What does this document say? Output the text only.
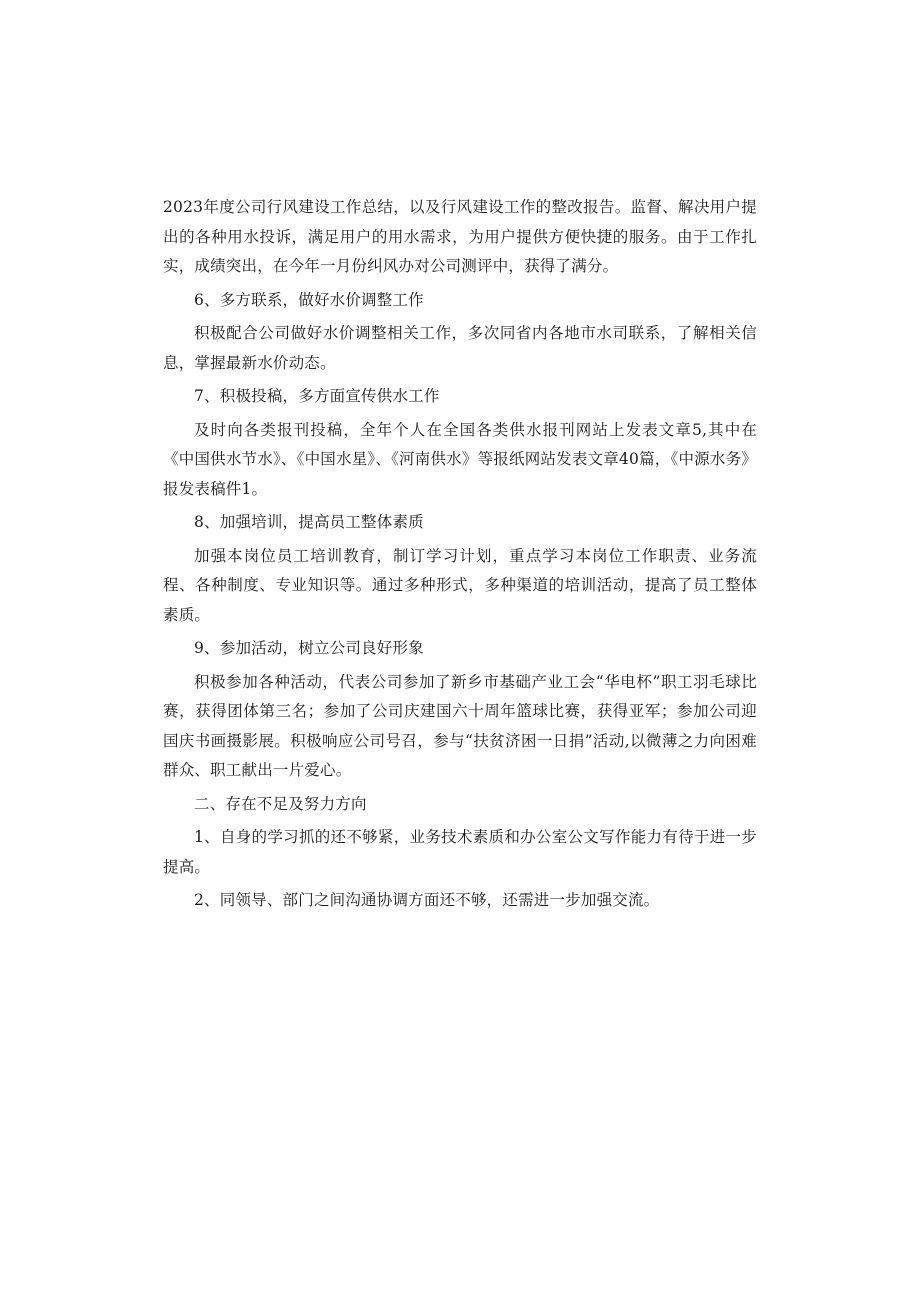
2023年度公司行风建设工作总结，以及行风建设工作的整改报告。监督、解决用户提出的各种用水投诉，满足用户的用水需求，为用户提供方便快捷的服务。由于工作扎实，成绩突出，在今年一月份纠风办对公司测评中，获得了满分。

6、多方联系，做好水价调整工作

积极配合公司做好水价调整相关工作，多次同省内各地市水司联系，了解相关信息，掌握最新水价动态。

7、积极投稿，多方面宣传供水工作

及时向各类报刊投稿，全年个人在全国各类供水报刊网站上发表文章5,其中在《中国供水节水》、《中国水星》、《河南供水》等报纸网站发表文章40篇，《中源水务》报发表稿件1。

8、加强培训，提高员工整体素质

加强本岗位员工培训教育，制订学习计划，重点学习本岗位工作职责、业务流程、各种制度、专业知识等。通过多种形式，多种渠道的培训活动，提高了员工整体素质。

9、参加活动，树立公司良好形象

积极参加各种活动，代表公司参加了新乡市基础产业工会“华电杯”职工羽毛球比赛，获得团体第三名；参加了公司庆建国六十周年篮球比赛，获得亚军；参加公司迎国庆书画摄影展。积极响应公司号召，参与“扶贫济困一日捐”活动,以微薄之力向困难群众、职工献出一片爱心。

二、存在不足及努力方向

1、自身的学习抓的还不够紧，业务技术素质和办公室公文写作能力有待于进一步提高。

2、同领导、部门之间沟通协调方面还不够，还需进一步加强交流。
